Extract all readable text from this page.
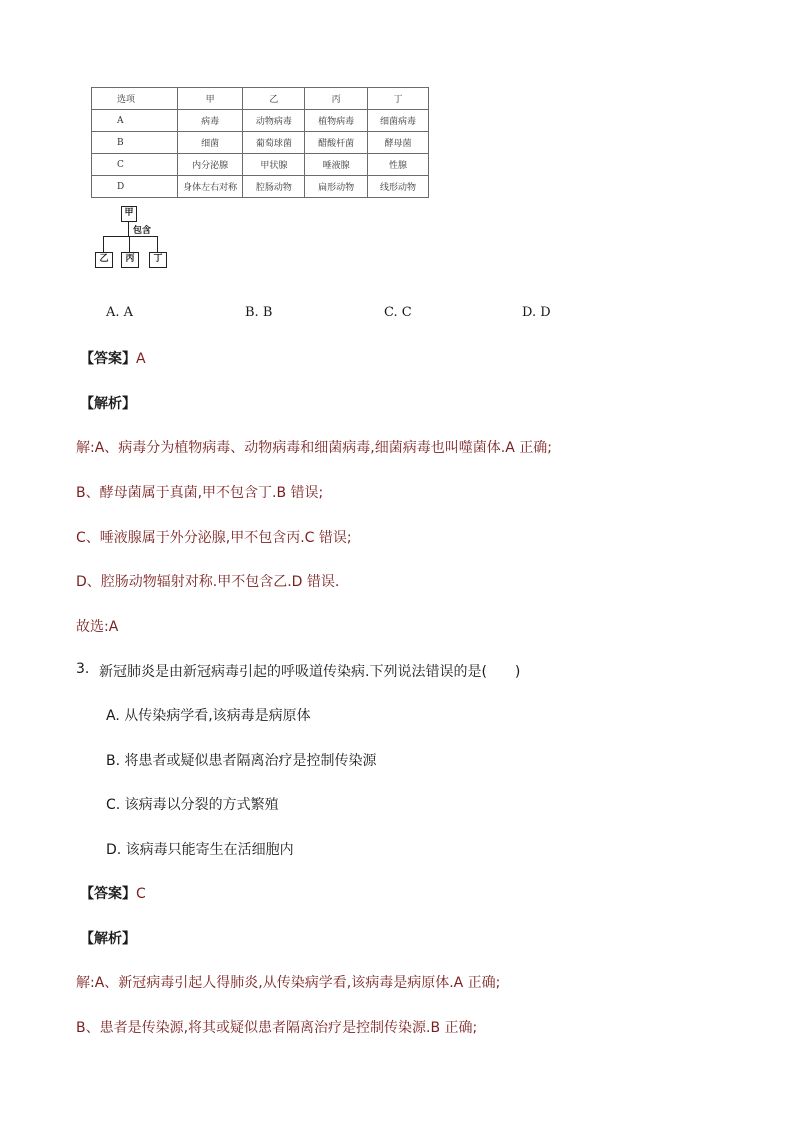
选项	甲	乙	丙	丁
A	病毒	动物病毒	植物病毒	细菌病毒
B	细菌	葡萄球菌	醋酸杆菌	酵母菌
C	内分泌腺	甲状腺	唾液腺	性腺
D	身体左右对称	腔肠动物	扁形动物	线形动物
甲
包含
乙	丙	丁
A. A	B. B	C. C	D. D
【答案】A
【解析】
解:A、病毒分为植物病毒、动物病毒和细菌病毒,细菌病毒也叫噬菌体.A 正确;
B、酵母菌属于真菌,甲不包含丁.B 错误;
C、唾液腺属于外分泌腺,甲不包含丙.C 错误;
D、腔肠动物辐射对称.甲不包含乙.D 错误.
故选:A
3. 新冠肺炎是由新冠病毒引起的呼吸道传染病.下列说法错误的是(　　)
A. 从传染病学看,该病毒是病原体
B. 将患者或疑似患者隔离治疗是控制传染源
C. 该病毒以分裂的方式繁殖
D. 该病毒只能寄生在活细胞内
【答案】C
【解析】
解:A、新冠病毒引起人得肺炎,从传染病学看,该病毒是病原体.A 正确;
B、患者是传染源,将其或疑似患者隔离治疗是控制传染源.B 正确;
